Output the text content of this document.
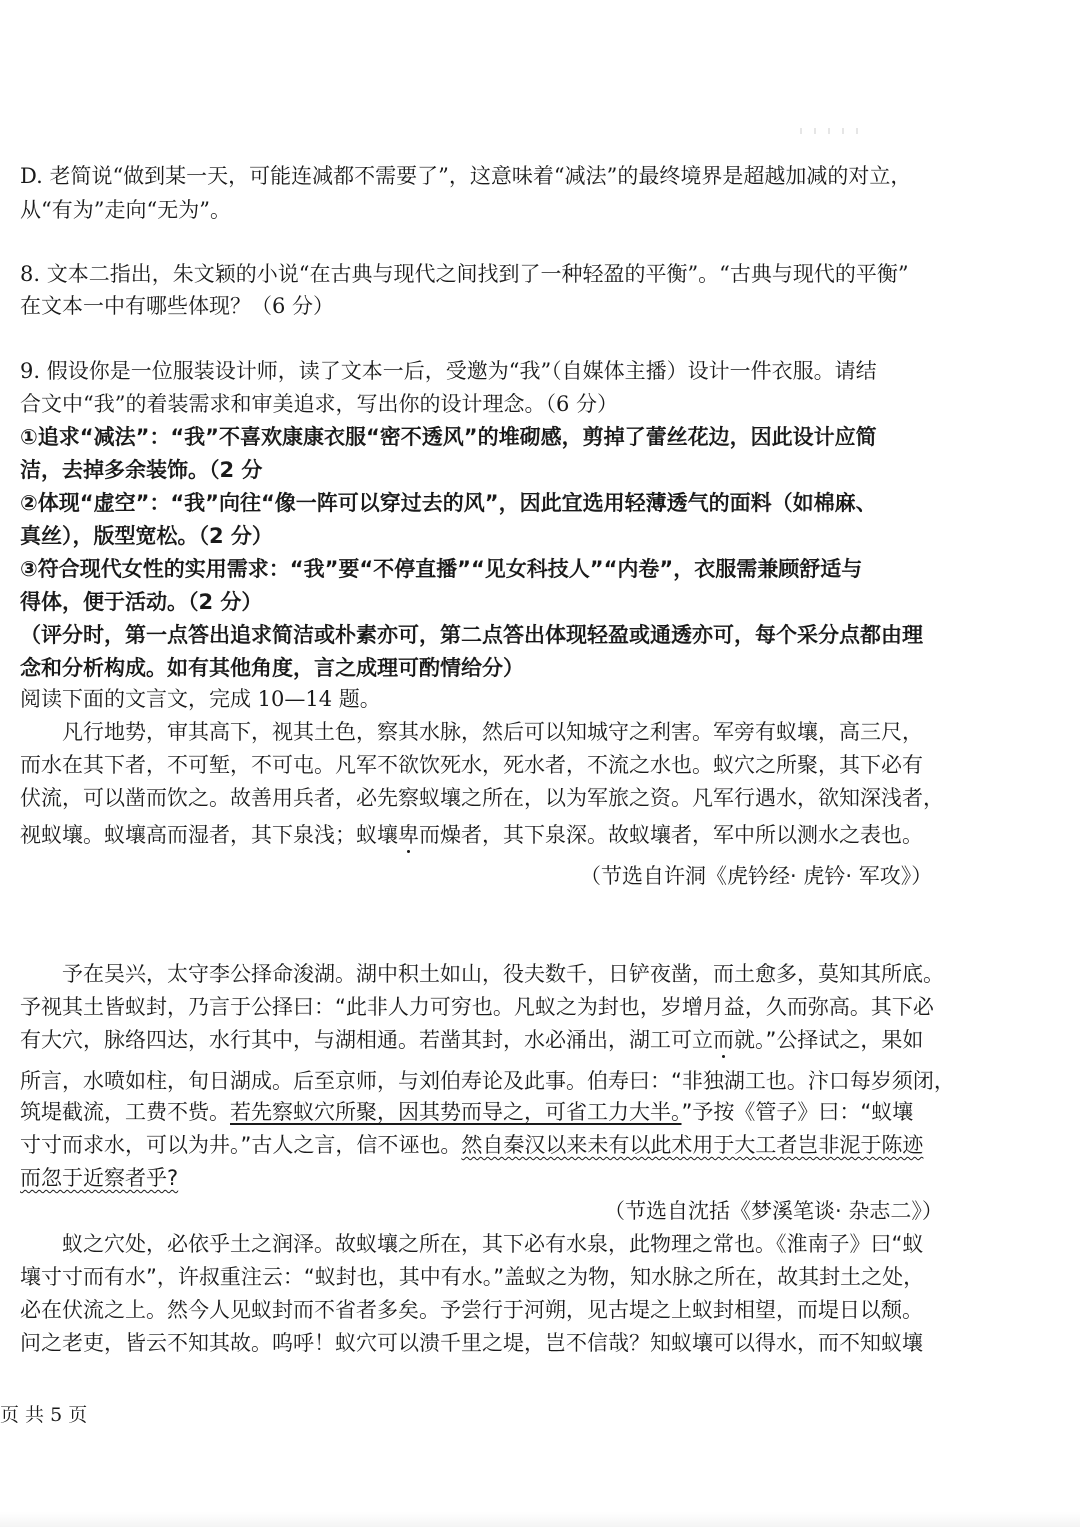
D. 老简说“做到某一天，可能连减都不需要了”，这意味着“减法”的最终境界是超越加减的对立，
从“有为”走向“无为”。
8. 文本二指出，朱文颖的小说“在古典与现代之间找到了一种轻盈的平衡”。“古典与现代的平衡”
在文本一中有哪些体现？（6 分）
9. 假设你是一位服装设计师，读了文本一后，受邀为“我”（自媒体主播）设计一件衣服。请结
合文中“我”的着装需求和审美追求，写出你的设计理念。（6 分）
①追求“减法”：“我”不喜欢康康衣服“密不透风”的堆砌感，剪掉了蕾丝花边，因此设计应简
洁，去掉多余装饰。（2 分
②体现“虚空”：“我”向往“像一阵可以穿过去的风”，因此宜选用轻薄透气的面料（如棉麻、
真丝），版型宽松。（2 分）
③符合现代女性的实用需求：“我”要“不停直播”“见女科技人”“内卷”，衣服需兼顾舒适与
得体，便于活动。（2 分）
（评分时，第一点答出追求简洁或朴素亦可，第二点答出体现轻盈或通透亦可，每个采分点都由理
念和分析构成。如有其他角度，言之成理可酌情给分）
阅读下面的文言文，完成 10—14 题。
凡行地势，审其高下，视其土色，察其水脉，然后可以知城守之利害。军旁有蚁壤，高三尺，
而水在其下者，不可堑，不可屯。凡军不欲饮死水，死水者，不流之水也。蚁穴之所聚，其下必有
伏流，可以凿而饮之。故善用兵者，必先察蚁壤之所在，以为军旅之资。凡军行遇水，欲知深浅者，
视蚁壤。蚁壤高而湿者，其下泉浅；蚁壤卑而燥者，其下泉深。故蚁壤者，军中所以测水之表也。
（节选自许洞《虎钤经· 虎钤· 军攻》）
予在吴兴，太守李公择命浚湖。湖中积土如山，役夫数千，日铲夜凿，而土愈多，莫知其所底。
予视其土皆蚁封，乃言于公择曰：“此非人力可穷也。凡蚁之为封也，岁增月益，久而弥高。其下必
有大穴，脉络四达，水行其中，与湖相通。若凿其封，水必涌出，湖工可立而就。”公择试之，果如
所言，水喷如柱，旬日湖成。后至京师，与刘伯寿论及此事。伯寿曰：“非独湖工也。汴口每岁须闭，
筑堤截流，工费不赀。若先察蚁穴所聚，因其势而导之，可省工力大半。”予按《管子》曰：“蚁壤
寸寸而求水，可以为井。”古人之言，信不诬也。然自秦汉以来未有以此术用于大工者岂非泥于陈迹
而忽于近察者乎?
（节选自沈括《梦溪笔谈· 杂志二》）
蚁之穴处，必依乎土之润泽。故蚁壤之所在，其下必有水泉，此物理之常也。《淮南子》曰“蚁
壤寸寸而有水”，许叔重注云：“蚁封也，其中有水。”盖蚁之为物，知水脉之所在，故其封土之处，
必在伏流之上。然今人见蚁封而不省者多矣。予尝行于河朔，见古堤之上蚁封相望，而堤日以颓。
问之老吏，皆云不知其故。呜呼！蚁穴可以溃千里之堤，岂不信哉？知蚁壤可以得水，而不知蚁壤
页 共 5 页
